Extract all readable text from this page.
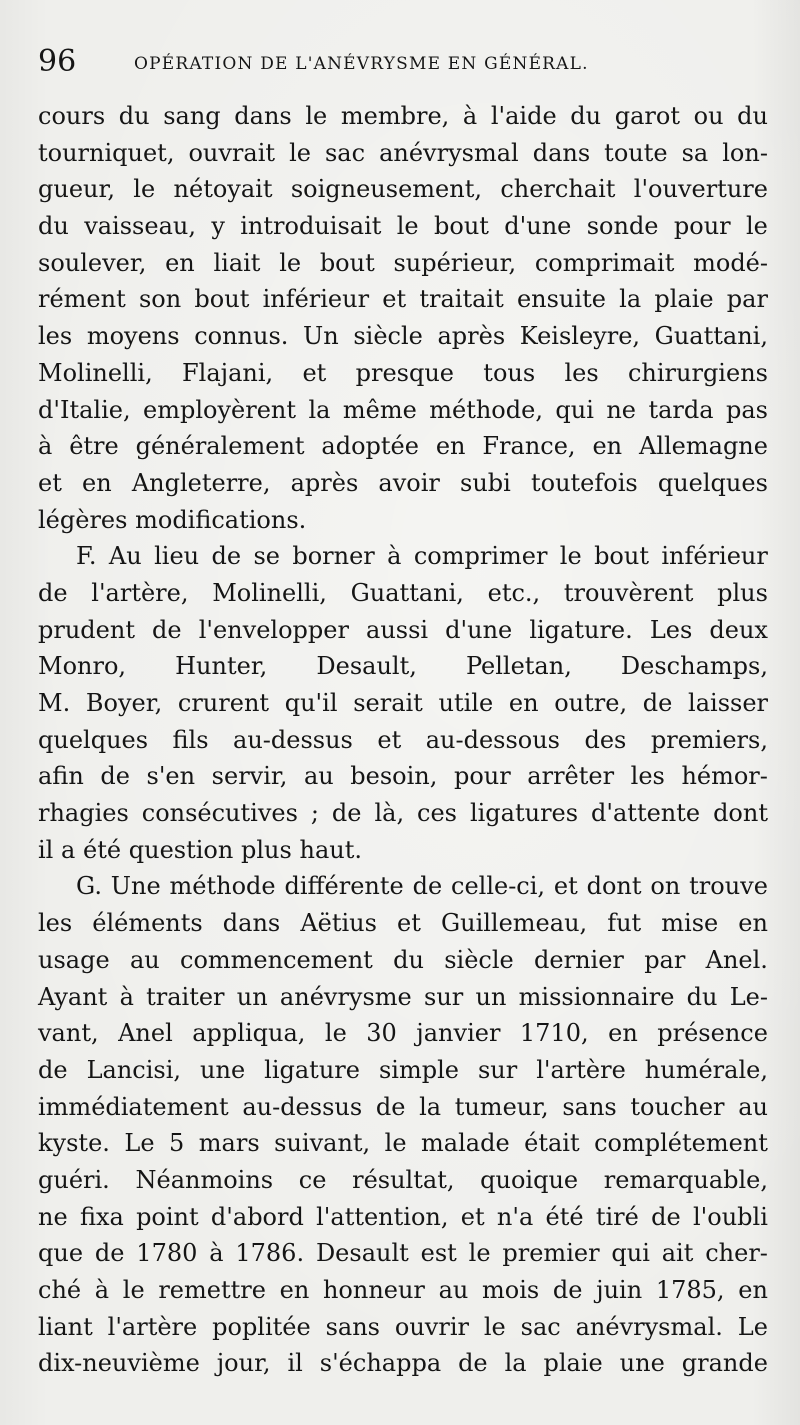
96	OPÉRATION DE L'ANÉVRYSME EN GÉNÉRAL.
cours du sang dans le membre, à l'aide du garot ou du
tourniquet, ouvrait le sac anévrysmal dans toute sa lon-
gueur, le nétoyait soigneusement, cherchait l'ouverture
du vaisseau, y introduisait le bout d'une sonde pour le
soulever, en liait le bout supérieur, comprimait modé-
rément son bout inférieur et traitait ensuite la plaie par
les moyens connus. Un siècle après Keisleyre, Guattani,
Molinelli, Flajani, et presque tous les chirurgiens
d'Italie, employèrent la même méthode, qui ne tarda pas
à être généralement adoptée en France, en Allemagne
et en Angleterre, après avoir subi toutefois quelques
légères modifications.
F. Au lieu de se borner à comprimer le bout inférieur
de l'artère, Molinelli, Guattani, etc., trouvèrent plus
prudent de l'envelopper aussi d'une ligature. Les deux
Monro, Hunter, Desault, Pelletan, Deschamps,
M. Boyer, crurent qu'il serait utile en outre, de laisser
quelques fils au-dessus et au-dessous des premiers,
afin de s'en servir, au besoin, pour arrêter les hémor-
rhagies consécutives ; de là, ces ligatures d'attente dont
il a été question plus haut.
G. Une méthode différente de celle-ci, et dont on trouve
les éléments dans Aëtius et Guillemeau, fut mise en
usage au commencement du siècle dernier par Anel.
Ayant à traiter un anévrysme sur un missionnaire du Le-
vant, Anel appliqua, le 30 janvier 1710, en présence
de Lancisi, une ligature simple sur l'artère humérale,
immédiatement au-dessus de la tumeur, sans toucher au
kyste. Le 5 mars suivant, le malade était complétement
guéri. Néanmoins ce résultat, quoique remarquable,
ne fixa point d'abord l'attention, et n'a été tiré de l'oubli
que de 1780 à 1786. Desault est le premier qui ait cher-
ché à le remettre en honneur au mois de juin 1785, en
liant l'artère poplitée sans ouvrir le sac anévrysmal. Le
dix-neuvième jour, il s'échappa de la plaie une grande
